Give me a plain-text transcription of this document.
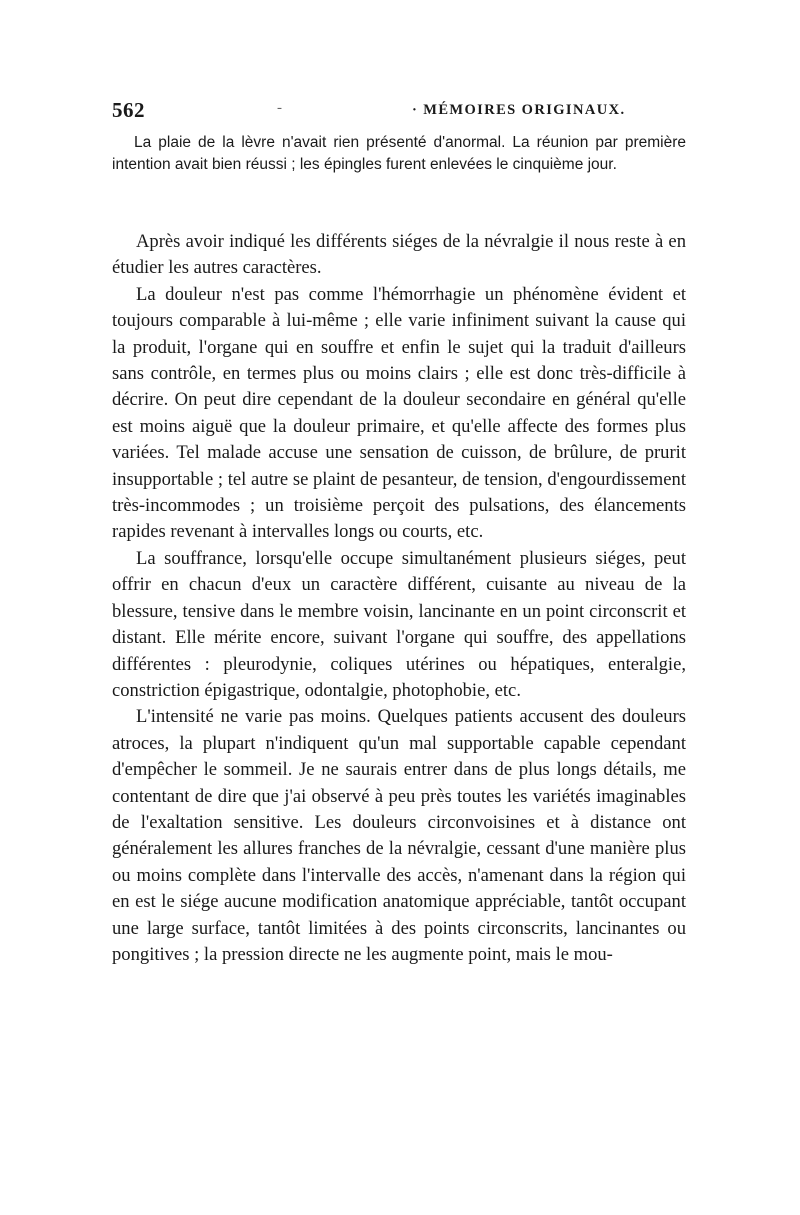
562	-	· MÉMOIRES ORIGINAUX.

La plaie de la lèvre n'avait rien présenté d'anormal. La réunion par première intention avait bien réussi ; les épingles furent enlevées le cinquième jour.

Après avoir indiqué les différents siéges de la névralgie il nous reste à en étudier les autres caractères.

La douleur n'est pas comme l'hémorrhagie un phénomène évident et toujours comparable à lui-même ; elle varie infiniment suivant la cause qui la produit, l'organe qui en souffre et enfin le sujet qui la traduit d'ailleurs sans contrôle, en termes plus ou moins clairs ; elle est donc très-difficile à décrire. On peut dire cependant de la douleur secondaire en général qu'elle est moins aiguë que la douleur primaire, et qu'elle affecte des formes plus variées. Tel malade accuse une sensation de cuisson, de brûlure, de prurit insupportable ; tel autre se plaint de pesanteur, de tension, d'engourdissement très-incommodes ; un troisième perçoit des pulsations, des élancements rapides revenant à intervalles longs ou courts, etc.

La souffrance, lorsqu'elle occupe simultanément plusieurs siéges, peut offrir en chacun d'eux un caractère différent, cuisante au niveau de la blessure, tensive dans le membre voisin, lancinante en un point circonscrit et distant. Elle mérite encore, suivant l'organe qui souffre, des appellations différentes : pleurodynie, coliques utérines ou hépatiques, enteralgie, constriction épigastrique, odontalgie, photophobie, etc.

L'intensité ne varie pas moins. Quelques patients accusent des douleurs atroces, la plupart n'indiquent qu'un mal supportable capable cependant d'empêcher le sommeil. Je ne saurais entrer dans de plus longs détails, me contentant de dire que j'ai observé à peu près toutes les variétés imaginables de l'exaltation sensitive. Les douleurs circonvoisines et à distance ont généralement les allures franches de la névralgie, cessant d'une manière plus ou moins complète dans l'intervalle des accès, n'amenant dans la région qui en est le siége aucune modification anatomique appréciable, tantôt occupant une large surface, tantôt limitées à des points circonscrits, lancinantes ou pongitives ; la pression directe ne les augmente point, mais le mou-
